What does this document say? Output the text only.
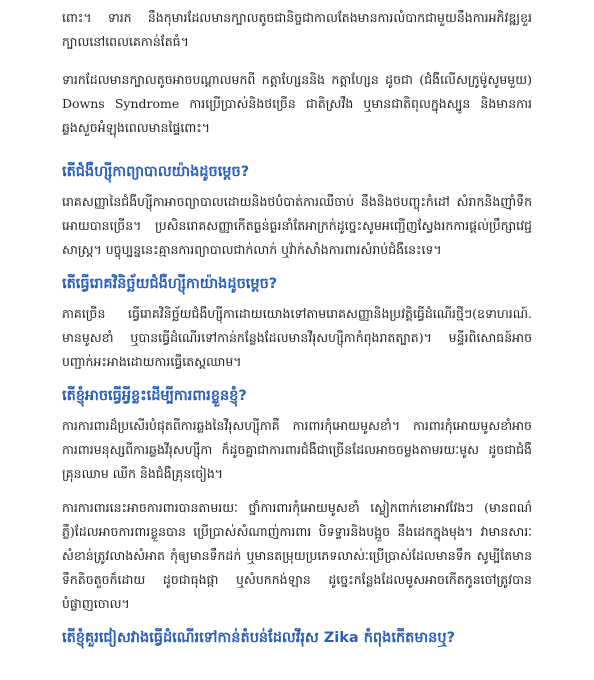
ពោះ។ ទារក នឹងកុមារដែលមានក្បាលតូចជានិច្ចជាកាលតែងមានការលំបាកជាមួយនឹងការអភិវឌ្ឍខួរក្បាលនៅពេលគេកាន់តែធំ។

ទារកដែលមានក្បាលតូចអាចបណ្តាលមកពី កត្តាហ្សែននិង កត្តាហ្សែន ដូចជា (ជំងឺលើសក្រូម៉ូសូមមួយ) Downs Syndrome ការប្រើប្រាស់និងថច្រើន ជាតិស្រវឹង ឬមានជាតិពុលក្នុងស្បូន និងមានការឆ្លងសួចអំឡុងពេលមានផ្ទៃពោះ។

តើជំងឺហ្ស៊ីកាព្យាបាលយ៉ាងដូចម្តេច?

រោគសញ្ញានៃជំងឺហ្ស៊ីកាអាចព្យាបាលដោយនិងថបំបាត់ការឈឺចាប់ នឹងនិងថបញ្ចុះកំដៅ សំរាកនិងញ៉ាំទឹកអោយបានច្រើន។ ប្រសិនរោគសញ្ញាកើតធ្ងន់ធ្ងរនាំតែអាក្រក់ដូច្នេះសូមអញ្ជើញស្វែងរកការផ្តល់ប្រឹក្សាវេជ្ជសាស្ត្រ។ បច្ចុប្បន្ននេះគ្មានការព្យាបាលជាក់លាក់ ឬវ៉ាក់សាំងការពារសំរាប់ជំងឺនេះទេ។

តើធ្វើរោគវិនិច្ឆ័យជំងឺហ្ស៊ីកាយ៉ាងដូចម្តេច?

ភាគច្រើន ធ្វើរោគវិនិច្ឆ័យជំងឺហ្ស៊ីកាដោយយោងទៅតាមរោគសញ្ញានិងប្រវត្តិធ្វើដំណើរថ្មីៗ(ឧទាហរណ៍. មានមូសខាំ ឬបានធ្វើដំណើរទៅកាន់កន្លែងដែលមានវីរុសហ្ស៊ីកាកំពុងរាតត្បាត)។ មន្ទីរពិសោធន៍អាចបញ្ជាក់អះអាងដោយការធ្វើតេស្តឈាម។

តើខ្ញុំអាចធ្វើអ្វីខ្លះដើម្បីការពារខ្លួនខ្ញុំ?

ការការពារដ៏ប្រសើរបំផុតពីការឆ្លងនៃវីរុសហ្ស៊ីកាគឺ ការពារកុំអោយមូសខាំ។ ការពារកុំអោយមូសខាំអាចការពារមនុស្សពីការឆ្លងវីរុសហ្ស៊ីកា ក៏ដូចគ្នាជាការពារជំងឺជាច្រើនដែលអាចចម្លងតាមរយៈមូស ដូចជាជំងឺគ្រុនឈាម ឈីក និងជំងឺគ្រុនចៀង។

ការការពារនេះអាចការពារបានតាមរយៈ ថ្នាំការពារកុំអោយមូសខាំ ស្លៀកពាក់ខោអាវវែងៗ (មានពណ៌ភ្លឺ)ដែលអាចការពារខ្លួនបាន ប្រើប្រាស់សំណាញ់ការពារ បិទទ្វារនិងបង្អួច នឹងដេកក្នុងមុង។ វាមានសារៈសំខាន់ត្រូវលាងសំអាត កុំឲ្យមានទឹកដក់ ឬមានតម្រុយប្រភេទលាស់ៈប្រើប្រាស់ដែលមានទឹក សូម្បីតែមានទឹកតិចតួចក៏ដោយ ដូចជាធុងផ្កា ឬសំបកកង់ឡាន ដូច្នេះកន្លែងដែលមូសអាចកើតកូនចៅត្រូវបានបំផ្លាញចោល។

តើខ្ញុំគួរជៀសវាងធ្វើដំណើរទៅកាន់តំបន់ដែលវីរុស Zika កំពុងកើតមានឬ?
